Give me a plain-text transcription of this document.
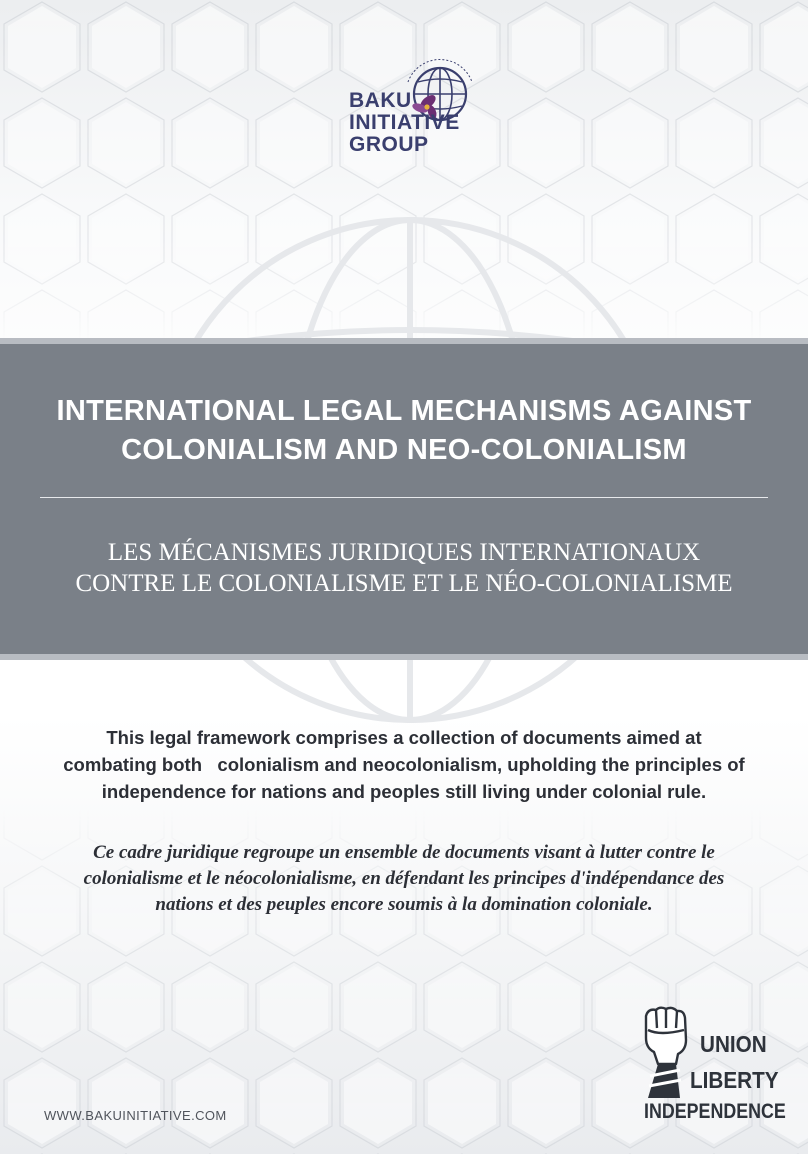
BAKU
INITIATIVE
GROUP
INTERNATIONAL LEGAL MECHANISMS AGAINST
COLONIALISM AND NEO-COLONIALISM
LES MÉCANISMES JURIDIQUES INTERNATIONAUX
CONTRE LE COLONIALISME ET LE NÉO-COLONIALISME
This legal framework comprises a collection of documents aimed at
combating both   colonialism and neocolonialism, upholding the principles of
independence for nations and peoples still living under colonial rule.
Ce cadre juridique regroupe un ensemble de documents visant à lutter contre le
colonialisme et le néocolonialisme, en défendant les principes d'indépendance des
nations et des peuples encore soumis à la domination coloniale.
WWW.BAKUINITIATIVE.COM
UNION
LIBERTY
INDEPENDENCE
